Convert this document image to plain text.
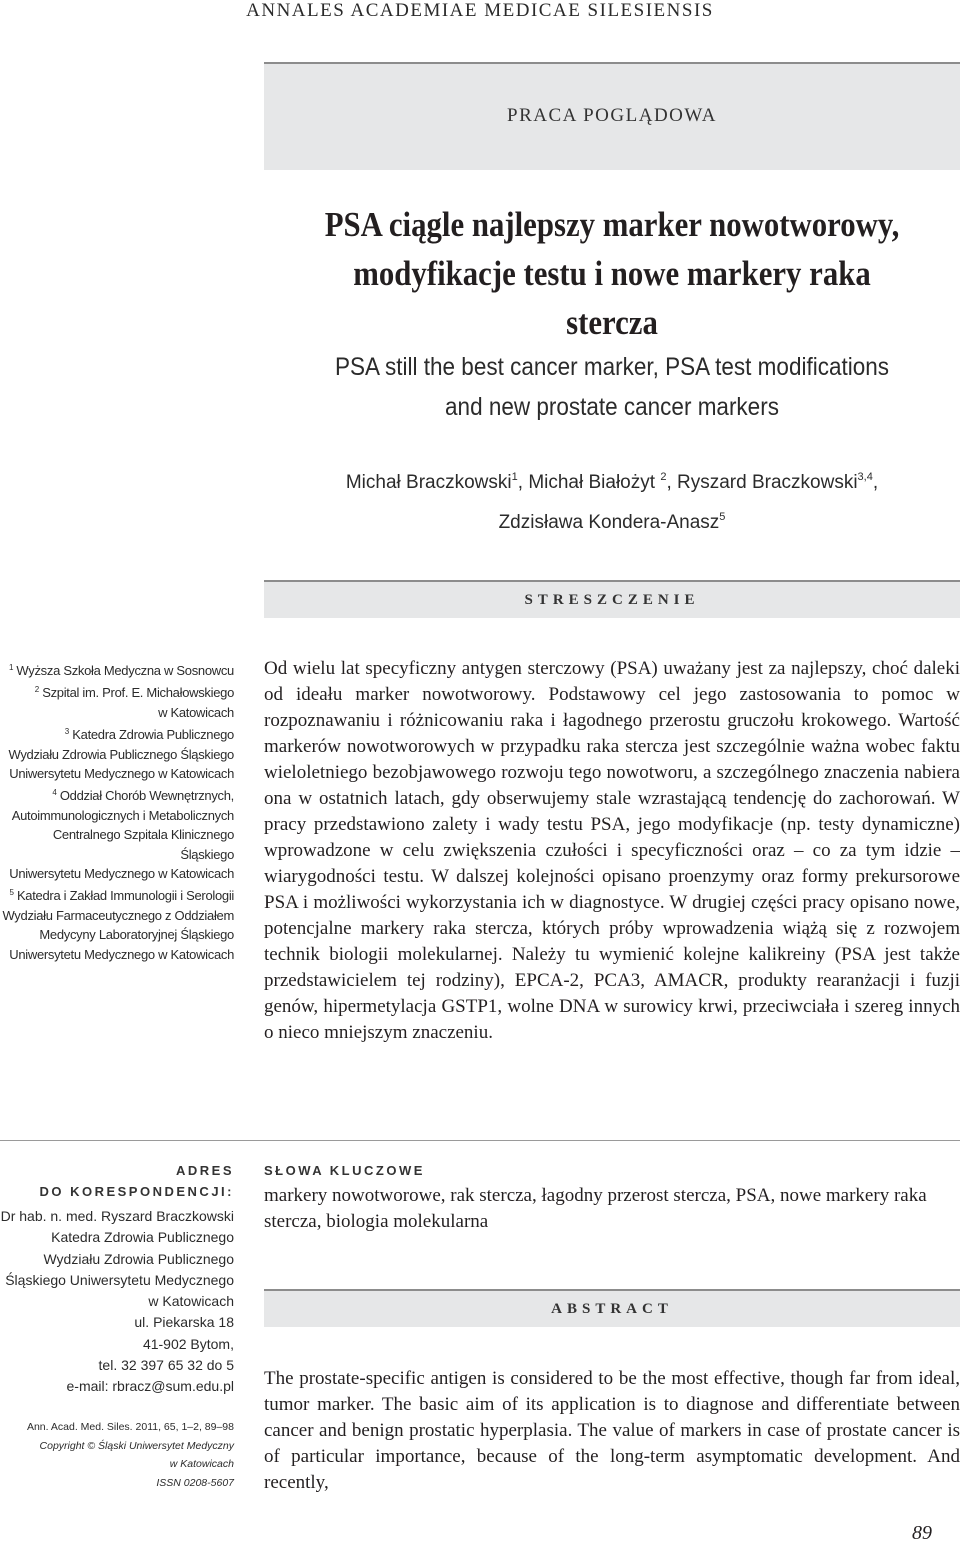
ANNALES ACADEMIAE MEDICAE SILESIENSIS
PRACA POGLĄDOWA
PSA ciągle najlepszy marker nowotworowy,
modyfikacje testu i nowe markery raka stercza
PSA still the best cancer marker, PSA test modifications
and new prostate cancer markers
Michał Braczkowski$^1$, Michał Białożyt $^2$, Ryszard Braczkowski$^{3,4}$,
Zdzisława Kondera-Anasz$^5$
STRESZCZENIE
$^1$ Wyższa Szkoła Medyczna w Sosnowcu
$^2$ Szpital im. Prof. E. Michałowskiego
w Katowicach
$^3$ Katedra Zdrowia Publicznego
Wydziału Zdrowia Publicznego Śląskiego
Uniwersytetu Medycznego w Katowicach
$^4$ Oddział Chorób Wewnętrznych,
Autoimmunologicznych i Metabolicznych
Centralnego Szpitala Klinicznego Śląskiego
Uniwersytetu Medycznego w Katowicach
$^5$ Katedra i Zakład Immunologii i Serologii
Wydziału Farmaceutycznego z Oddziałem
Medycyny Laboratoryjnej Śląskiego
Uniwersytetu Medycznego w Katowicach

Od wielu lat specyficzny antygen sterczowy (PSA) uważany jest za najlepszy, choć daleki od ideału marker nowotworowy. Podstawowy cel jego zastosowania to pomoc w rozpoznawaniu i różnicowaniu raka i łagodnego przerostu gruczołu krokowego. Wartość markerów nowotworowych w przypadku raka stercza jest szczególnie ważna wobec faktu wieloletniego bezobjawowego rozwoju tego nowotworu, a szczególnego znaczenia nabiera ona w ostatnich latach, gdy obserwujemy stale wzrastającą tendencję do zachorowań. W pracy przedstawiono zalety i wady testu PSA, jego modyfikacje (np. testy dynamiczne) wprowadzone w celu zwiększenia czułości i specyficzności oraz – co za tym idzie – wiarygodności testu. W dalszej kolejności opisano proenzymy oraz formy prekursorowe PSA i możliwości wykorzystania ich w diagnostyce. W drugiej części pracy opisano nowe, potencjalne markery raka stercza, których próby wprowadzenia wiążą się z rozwojem technik biologii molekularnej. Należy tu wymienić kolejne kalikreiny (PSA jest także przedstawicielem tej rodziny), EPCA-2, PCA3, AMACR, produkty rearanżacji i fuzji genów, hipermetylacja GSTP1, wolne DNA w surowicy krwi, przeciwciała i szereg innych o nieco mniejszym znaczeniu.

ADRES
DO KORESPONDENCJI:
Dr hab. n. med. Ryszard Braczkowski
Katedra Zdrowia Publicznego
Wydziału Zdrowia Publicznego
Śląskiego Uniwersytetu Medycznego
w Katowicach
ul. Piekarska 18
41-902 Bytom,
tel. 32 397 65 32 do 5
e-mail: rbracz@sum.edu.pl
Ann. Acad. Med. Siles. 2011, 65, 1–2, 89–98
Copyright © Śląski Uniwersytet Medyczny
w Katowicach
ISSN 0208-5607
SŁOWA KLUCZOWE

markery nowotworowe, rak stercza, łagodny przerost stercza, PSA, nowe markery raka stercza, biologia molekularna

ABSTRACT

The prostate-specific antigen is considered to be the most effective, though far from ideal, tumor marker. The basic aim of its application is to diagnose and differentiate between cancer and benign prostatic hyperplasia. The value of markers in case of prostate cancer is of particular importance, because of the long-term asymptomatic development. And recently,

89
